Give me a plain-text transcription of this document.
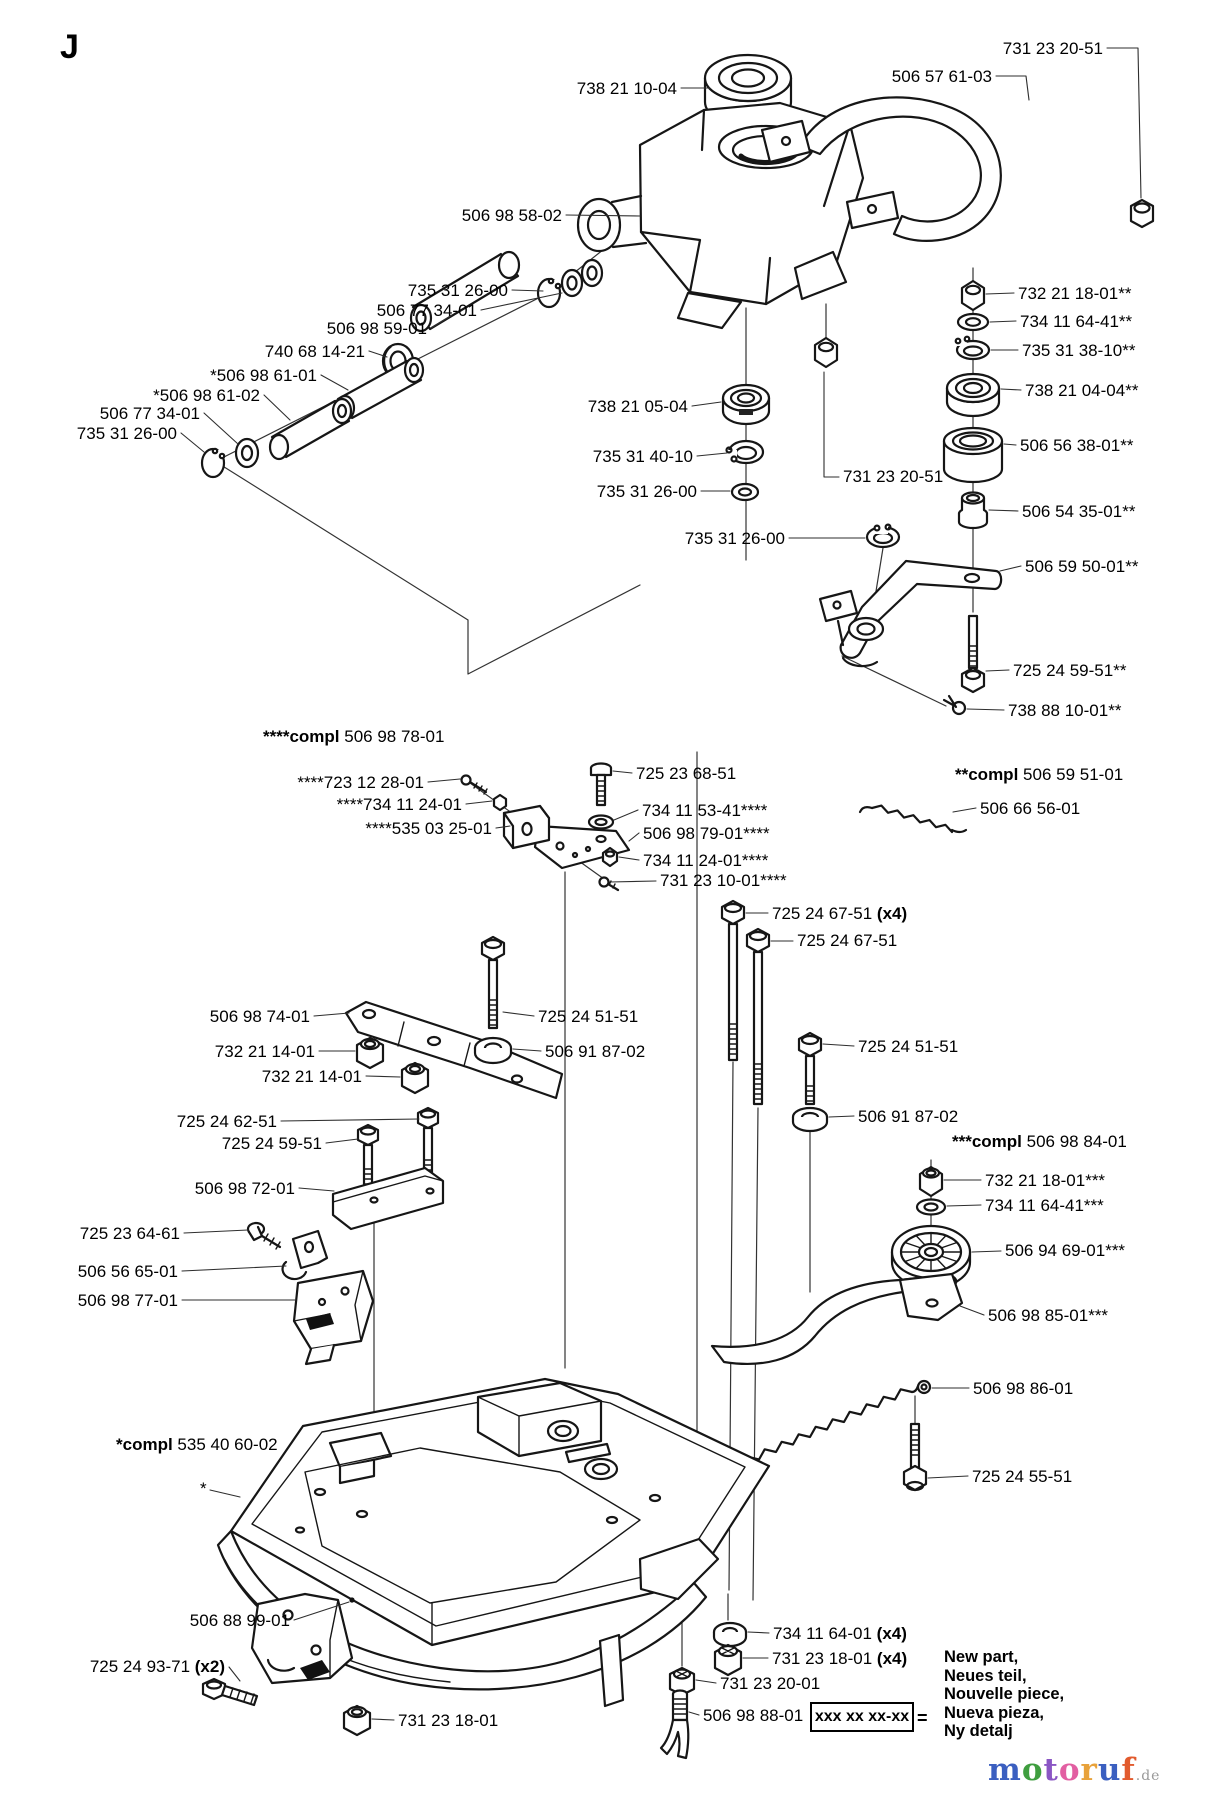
J	731 23 20-51
506 57 61-03
738 21 10-04
506 98 58-02
735 31 26-00
506 77 34-01
506 98 59-01
740 68 14-21
*506 98 61-01
*506 98 61-02
506 77 34-01
735 31 26-00
738 21 05-04
735 31 40-10
735 31 26-00
735 31 26-00
731 23 20-51
732 21 18-01**
734 11 64-41**
735 31 38-10**
738 21 04-04**
506 56 38-01**
506 54 35-01**
506 59 50-01**
725 24 59-51**
738 88 10-01**
****compl 506 98 78-01
****723 12 28-01
****734 11 24-01
****535 03 25-01
725 23 68-51
734 11 53-41****
506 98 79-01****
734 11 24-01****
731 23 10-01****
**compl 506 59 51-01
506 66 56-01
725 24 67-51 (x4)
725 24 67-51
506 98 74-01	725 24 51-51
732 21 14-01	506 91 87-02
732 21 14-01
725 24 51-51
506 91 87-02
***compl 506 98 84-01
732 21 18-01***
734 11 64-41***
506 94 69-01***
506 98 85-01***
506 98 86-01
725 24 55-51
725 24 62-51
725 24 59-51
506 98 72-01
725 23 64-61
506 56 65-01
506 98 77-01
*compl 535 40 60-02
*
506 88 99-01
725 24 93-71 (x2)
731 23 18-01
734 11 64-01 (x4)
731 23 18-01 (x4)
731 23 20-01
506 98 88-01 xxx xx xx-xx =
New part,
Neues teil,
Nouvelle piece,
Nueva pieza,
Ny detalj
motoruf.de
